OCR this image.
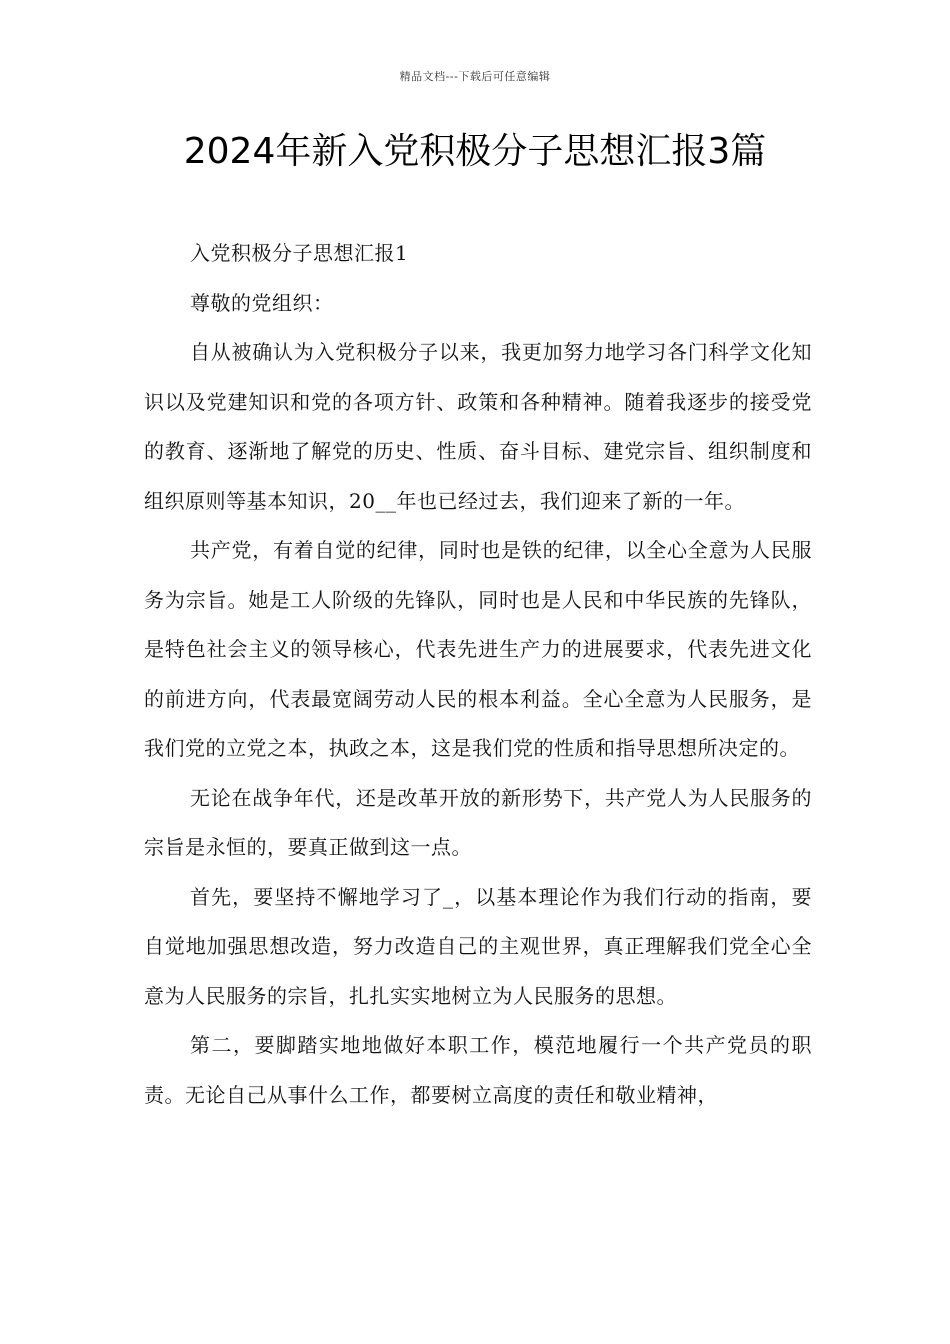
精品文档---下载后可任意编辑
2024年新入党积极分子思想汇报3篇

入党积极分子思想汇报1

尊敬的党组织：

自从被确认为入党积极分子以来，我更加努力地学习各门科学文化知识以及党建知识和党的各项方针、政策和各种精神。随着我逐步的接受党的教育、逐渐地了解党的历史、性质、奋斗目标、建党宗旨、组织制度和组织原则等基本知识，20__年也已经过去，我们迎来了新的一年。

共产党，有着自觉的纪律，同时也是铁的纪律，以全心全意为人民服务为宗旨。她是工人阶级的先锋队，同时也是人民和中华民族的先锋队，是特色社会主义的领导核心，代表先进生产力的进展要求，代表先进文化的前进方向，代表最宽阔劳动人民的根本利益。全心全意为人民服务，是我们党的立党之本，执政之本，这是我们党的性质和指导思想所决定的。

无论在战争年代，还是改革开放的新形势下，共产党人为人民服务的宗旨是永恒的，要真正做到这一点。

首先，要坚持不懈地学习了_，以基本理论作为我们行动的指南，要自觉地加强思想改造，努力改造自己的主观世界，真正理解我们党全心全意为人民服务的宗旨，扎扎实实地树立为人民服务的思想。

第二，要脚踏实地地做好本职工作，模范地履行一个共产党员的职责。无论自己从事什么工作，都要树立高度的责任和敬业精神，
